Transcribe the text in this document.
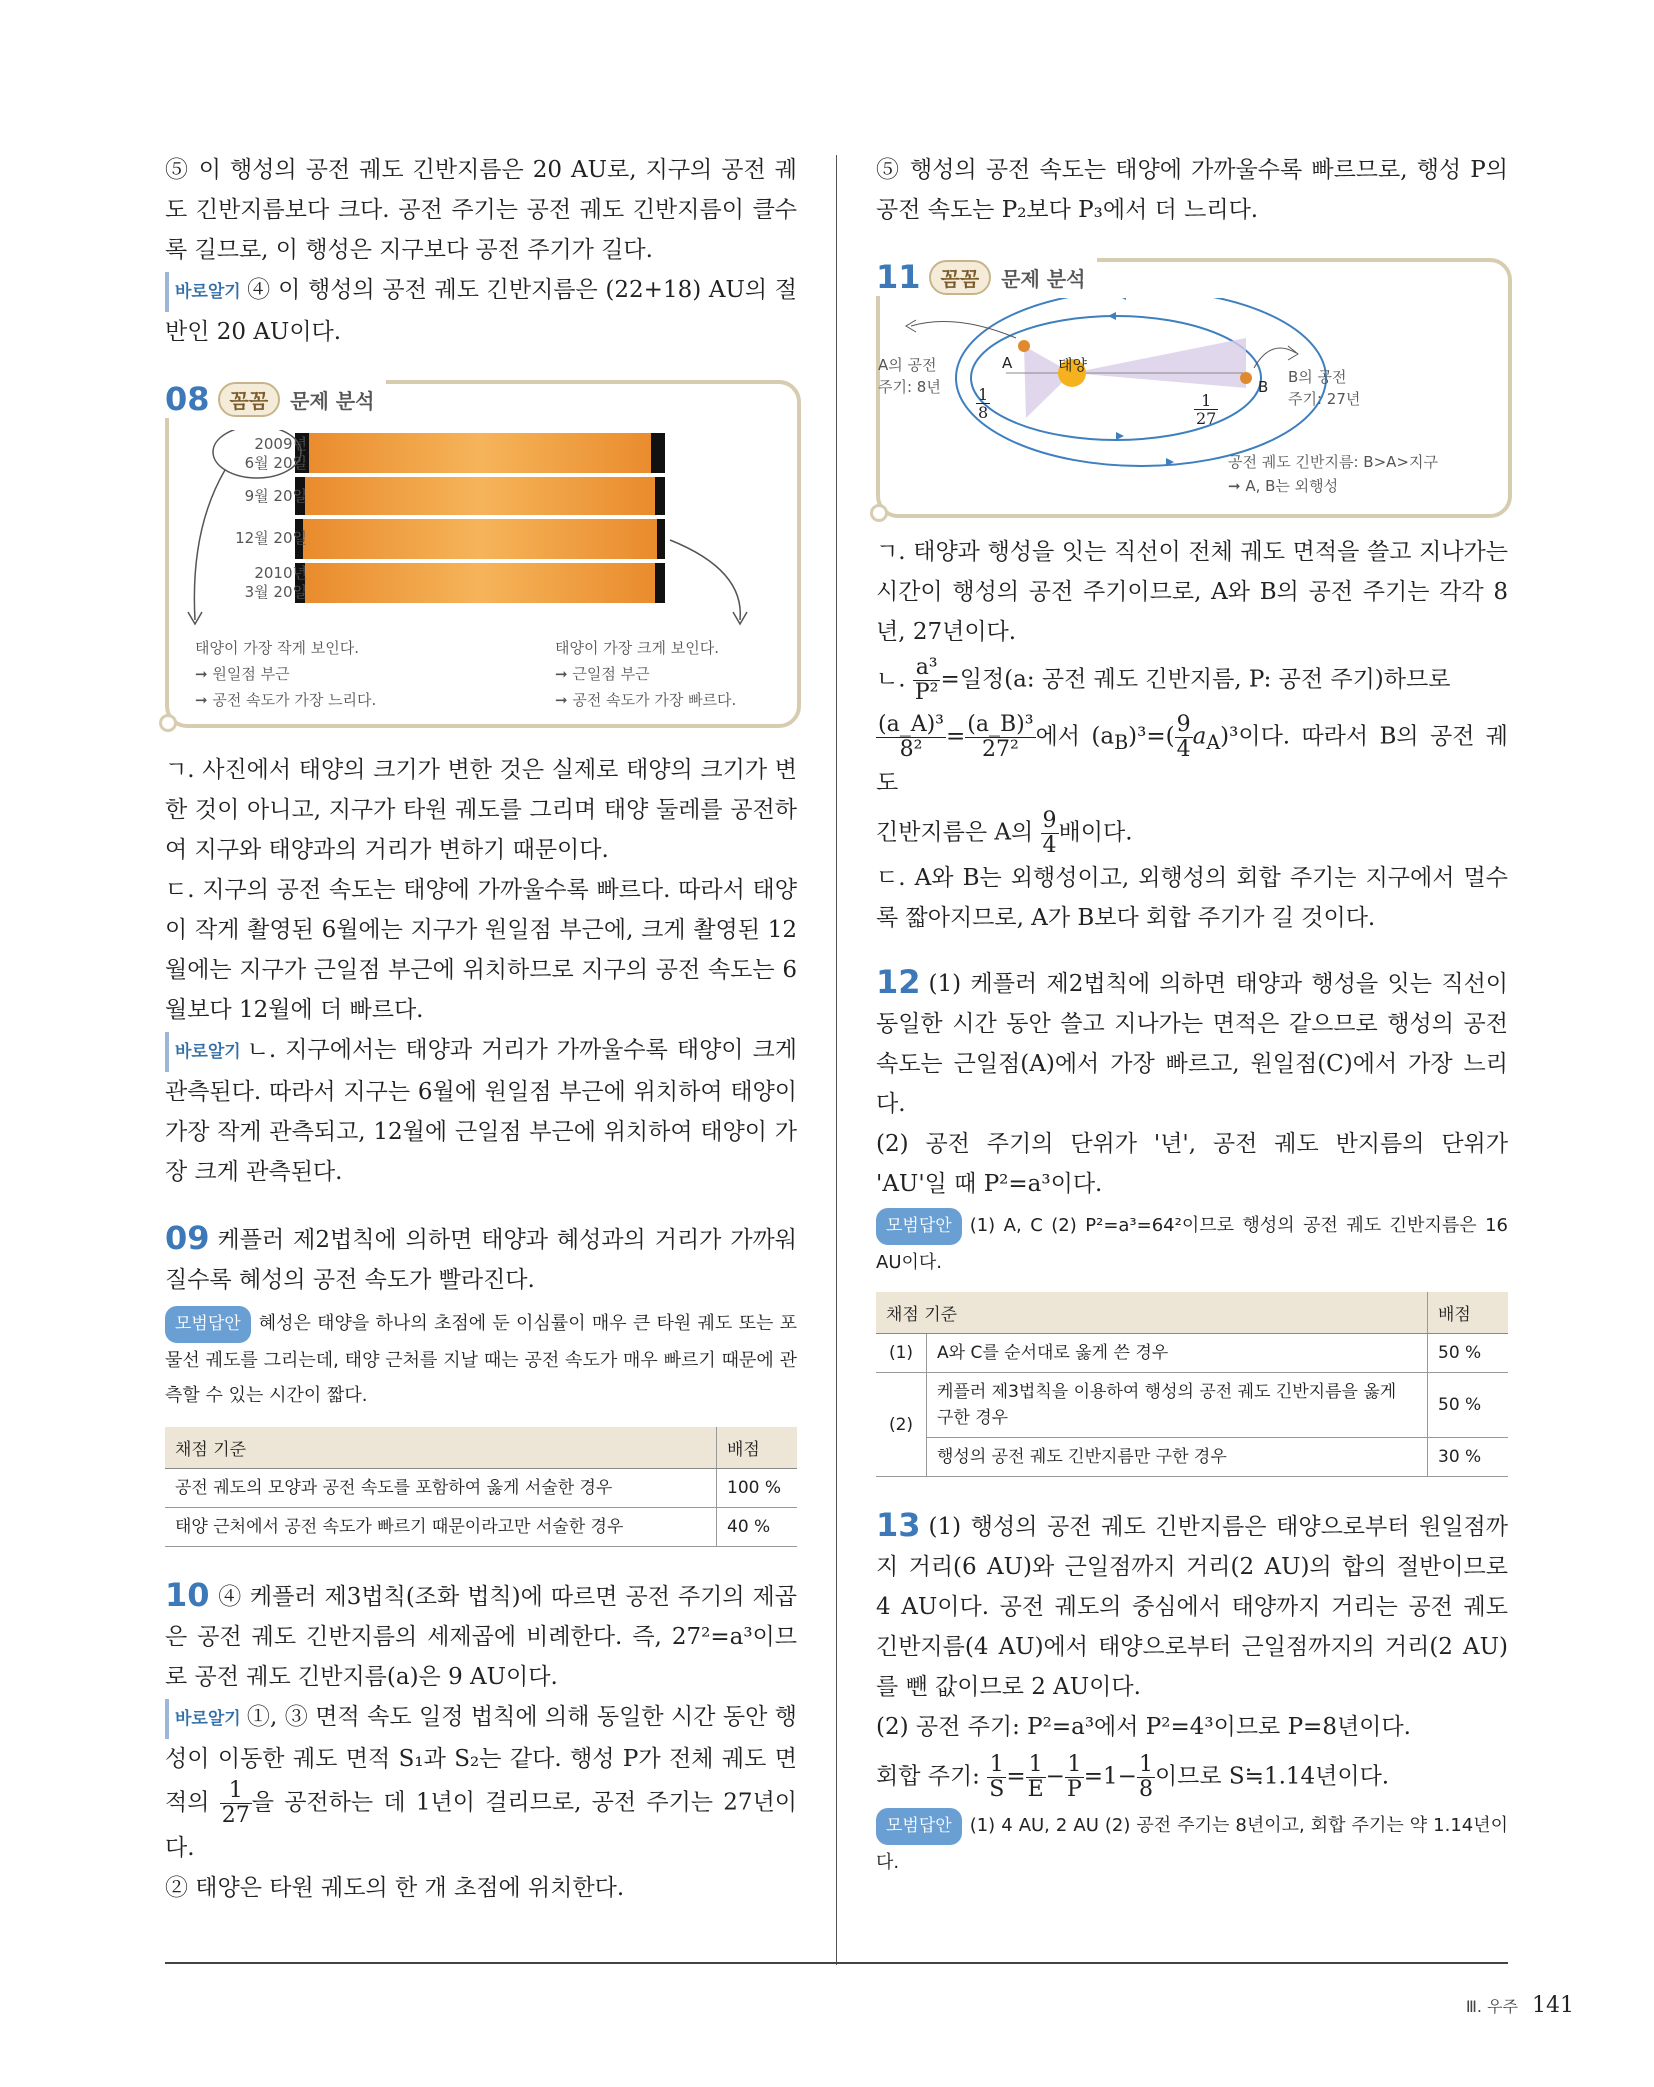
⑤ 이 행성의 공전 궤도 긴반지름은 20 AU로, 지구의 공전 궤도 긴반지름보다 크다. 공전 주기는 공전 궤도 긴반지름이 클수록 길므로, 이 행성은 지구보다 공전 주기가 길다.

바로알기 ④ 이 행성의 공전 궤도 긴반지름은 (22+18) AU의 절반인 20 AU이다.

08	꼼꼼	문제 분석
2009년
6월 20일
9월 20일
12월 20일
2010년
3월 20일
태양이 가장 작게 보인다.
➞ 원일점 부근
➞ 공전 속도가 가장 느리다.
태양이 가장 크게 보인다.
➞ 근일점 부근
➞ 공전 속도가 가장 빠르다.

ㄱ. 사진에서 태양의 크기가 변한 것은 실제로 태양의 크기가 변한 것이 아니고, 지구가 타원 궤도를 그리며 태양 둘레를 공전하여 지구와 태양과의 거리가 변하기 때문이다.

ㄷ. 지구의 공전 속도는 태양에 가까울수록 빠르다. 따라서 태양이 작게 촬영된 6월에는 지구가 원일점 부근에, 크게 촬영된 12월에는 지구가 근일점 부근에 위치하므로 지구의 공전 속도는 6월보다 12월에 더 빠르다.

바로알기 ㄴ. 지구에서는 태양과 거리가 가까울수록 태양이 크게 관측된다. 따라서 지구는 6월에 원일점 부근에 위치하여 태양이 가장 작게 관측되고, 12월에 근일점 부근에 위치하여 태양이 가장 크게 관측된다.

09 케플러 제2법칙에 의하면 태양과 혜성과의 거리가 가까워질수록 혜성의 공전 속도가 빨라진다.

모범답안 혜성은 태양을 하나의 초점에 둔 이심률이 매우 큰 타원 궤도 또는 포물선 궤도를 그리는데, 태양 근처를 지날 때는 공전 속도가 매우 빠르기 때문에 관측할 수 있는 시간이 짧다.

채점 기준	배점
공전 궤도의 모양과 공전 속도를 포함하여 옳게 서술한 경우	100 %
태양 근처에서 공전 속도가 빠르기 때문이라고만 서술한 경우	40 %

10 ④ 케플러 제3법칙(조화 법칙)에 따르면 공전 주기의 제곱은 공전 궤도 긴반지름의 세제곱에 비례한다. 즉, 27²=a³이므로 공전 궤도 긴반지름(a)은 9 AU이다.

바로알기 ①, ③ 면적 속도 일정 법칙에 의해 동일한 시간 동안 행성이 이동한 궤도 면적 S₁과 S₂는 같다. 행성 P가 전체 궤도 면적의 $\frac{1}{27}$ 을 공전하는 데 1년이 걸리므로, 공전 주기는 27년이다.

② 태양은 타원 궤도의 한 개 초점에 위치한다.

⑤ 행성의 공전 속도는 태양에 가까울수록 빠르므로, 행성 P의 공전 속도는 P₂보다 P₃에서 더 느리다.

11	꼼꼼	문제 분석
A의 공전
주기: 8년
B의 공전
주기: 27년
A
B
태양
$\frac{1}{8}$	$\frac{1}{27}$
공전 궤도 긴반지름: B>A>지구
➞ A, B는 외행성

ㄱ. 태양과 행성을 잇는 직선이 전체 궤도 면적을 쓸고 지나가는 시간이 행성의 공전 주기이므로, A와 B의 공전 주기는 각각 8년, 27년이다.

ㄴ. $\frac{\text{a³}}{\text{P²}}$ =일정(a: 공전 궤도 긴반지름, P: 공전 주기)하므로

$\frac{\text{(a\_A)³}}{\text{8²}} = \frac{\text{(a\_B)³}}{\text{27²}}$ 에서 $(a_B)^3=( \frac{9}{4} a_A)^3$이다. 따라서 B의 공전 궤도

긴반지름은 A의 $\frac{9}{4}$ 배이다.

ㄷ. A와 B는 외행성이고, 외행성의 회합 주기는 지구에서 멀수록 짧아지므로, A가 B보다 회합 주기가 길 것이다.

12 (1) 케플러 제2법칙에 의하면 태양과 행성을 잇는 직선이 동일한 시간 동안 쓸고 지나가는 면적은 같으므로 행성의 공전 속도는 근일점(A)에서 가장 빠르고, 원일점(C)에서 가장 느리다.

(2) 공전 주기의 단위가 '년', 공전 궤도 반지름의 단위가 'AU'일 때 P²=a³이다.

모범답안 (1) A, C (2) P²=a³=64²이므로 행성의 공전 궤도 긴반지름은 16 AU이다.

채점 기준		배점
(1)	A와 C를 순서대로 옳게 쓴 경우	50 %
(2)	케플러 제3법칙을 이용하여 행성의 공전 궤도 긴반지름을 옳게 구한 경우	50 %
	행성의 공전 궤도 긴반지름만 구한 경우	30 %

13 (1) 행성의 공전 궤도 긴반지름은 태양으로부터 원일점까지 거리(6 AU)와 근일점까지 거리(2 AU)의 합의 절반이므로 4 AU이다. 공전 궤도의 중심에서 태양까지 거리는 공전 궤도 긴반지름(4 AU)에서 태양으로부터 근일점까지의 거리(2 AU)를 뺀 값이므로 2 AU이다.

(2) 공전 주기: P²=a³에서 P²=4³이므로 P=8년이다.

회합 주기: $\frac{1}{S} = \frac{1}{E} - \frac{1}{P} =1- \frac{1}{8}$ 이므로 S≒1.14년이다.

모범답안 (1) 4 AU, 2 AU (2) 공전 주기는 8년이고, 회합 주기는 약 1.14년이다.

Ⅲ. 우주 141
